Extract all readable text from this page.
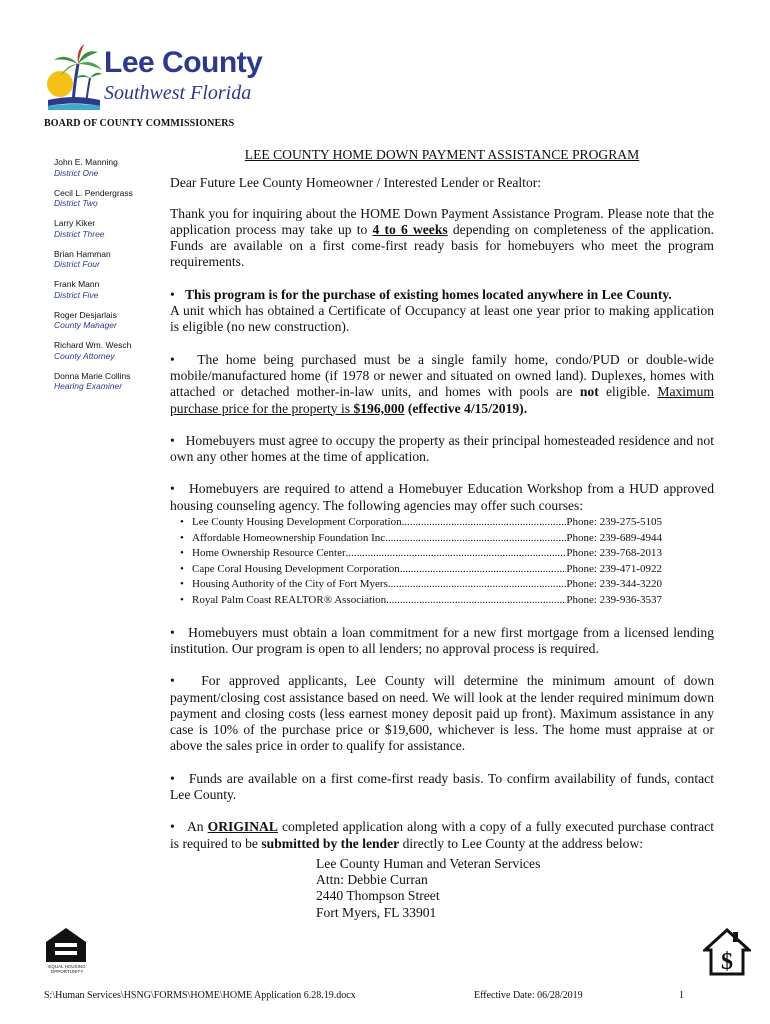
Lee County
Southwest Florida
BOARD OF COUNTY COMMISSIONERS
John E. Manning
District One
Cecil L. Pendergrass
District Two
Larry Kiker
District Three
Brian Hamman
District Four
Frank Mann
District Five
Roger Desjarlais
County Manager
Richard Wm. Wesch
County Attorney
Donna Marie Collins
Hearing Examiner
LEE COUNTY HOME DOWN PAYMENT ASSISTANCE PROGRAM
Dear Future Lee County Homeowner / Interested Lender or Realtor:
Thank you for inquiring about the HOME Down Payment Assistance Program. Please note that the application process may take up to 4 to 6 weeks depending on completeness of the application. Funds are available on a first come-first ready basis for homebuyers who meet the program requirements.
•   This program is for the purchase of existing homes located anywhere in Lee County.
A unit which has obtained a Certificate of Occupancy at least one year prior to making application is eligible (no new construction).
•   The home being purchased must be a single family home, condo/PUD or double-wide mobile/manufactured home (if 1978 or newer and situated on owned land). Duplexes, homes with attached or detached mother-in-law units, and homes with pools are not eligible. Maximum purchase price for the property is $196,000 (effective 4/15/2019).
•   Homebuyers must agree to occupy the property as their principal homesteaded residence and not own any other homes at the time of application.
•   Homebuyers are required to attend a Homebuyer Education Workshop from a HUD approved housing counseling agency. The following agencies may offer such courses:
• Lee County Housing Development Corporation .....	Phone: 239-275-5105
• Affordable Homeownership Foundation Inc. .....	Phone: 239-689-4944
• Home Ownership Resource Center .....	Phone: 239-768-2013
• Cape Coral Housing Development Corporation .....	Phone: 239-471-0922
• Housing Authority of the City of Fort Myers .....	Phone: 239-344-3220
• Royal Palm Coast REALTOR® Association .....	Phone: 239-936-3537
•   Homebuyers must obtain a loan commitment for a new first mortgage from a licensed lending institution. Our program is open to all lenders; no approval process is required.
•   For approved applicants, Lee County will determine the minimum amount of down payment/closing cost assistance based on need. We will look at the lender required minimum down payment and closing costs (less earnest money deposit paid up front). Maximum assistance in any case is 10% of the purchase price or $19,600, whichever is less. The home must appraise at or above the sales price in order to qualify for assistance.
•   Funds are available on a first come-first ready basis. To confirm availability of funds, contact Lee County.
•   An ORIGINAL completed application along with a copy of a fully executed purchase contract is required to be submitted by the lender directly to Lee County at the address below:
Lee County Human and Veteran Services
Attn: Debbie Curran
2440 Thompson Street
Fort Myers, FL 33901
EQUAL HOUSING OPPORTUNITY	$
S:\Human Services\HSNG\FORMS\HOME\HOME Application 6.28.19.docx	Effective Date: 06/28/2019	1
